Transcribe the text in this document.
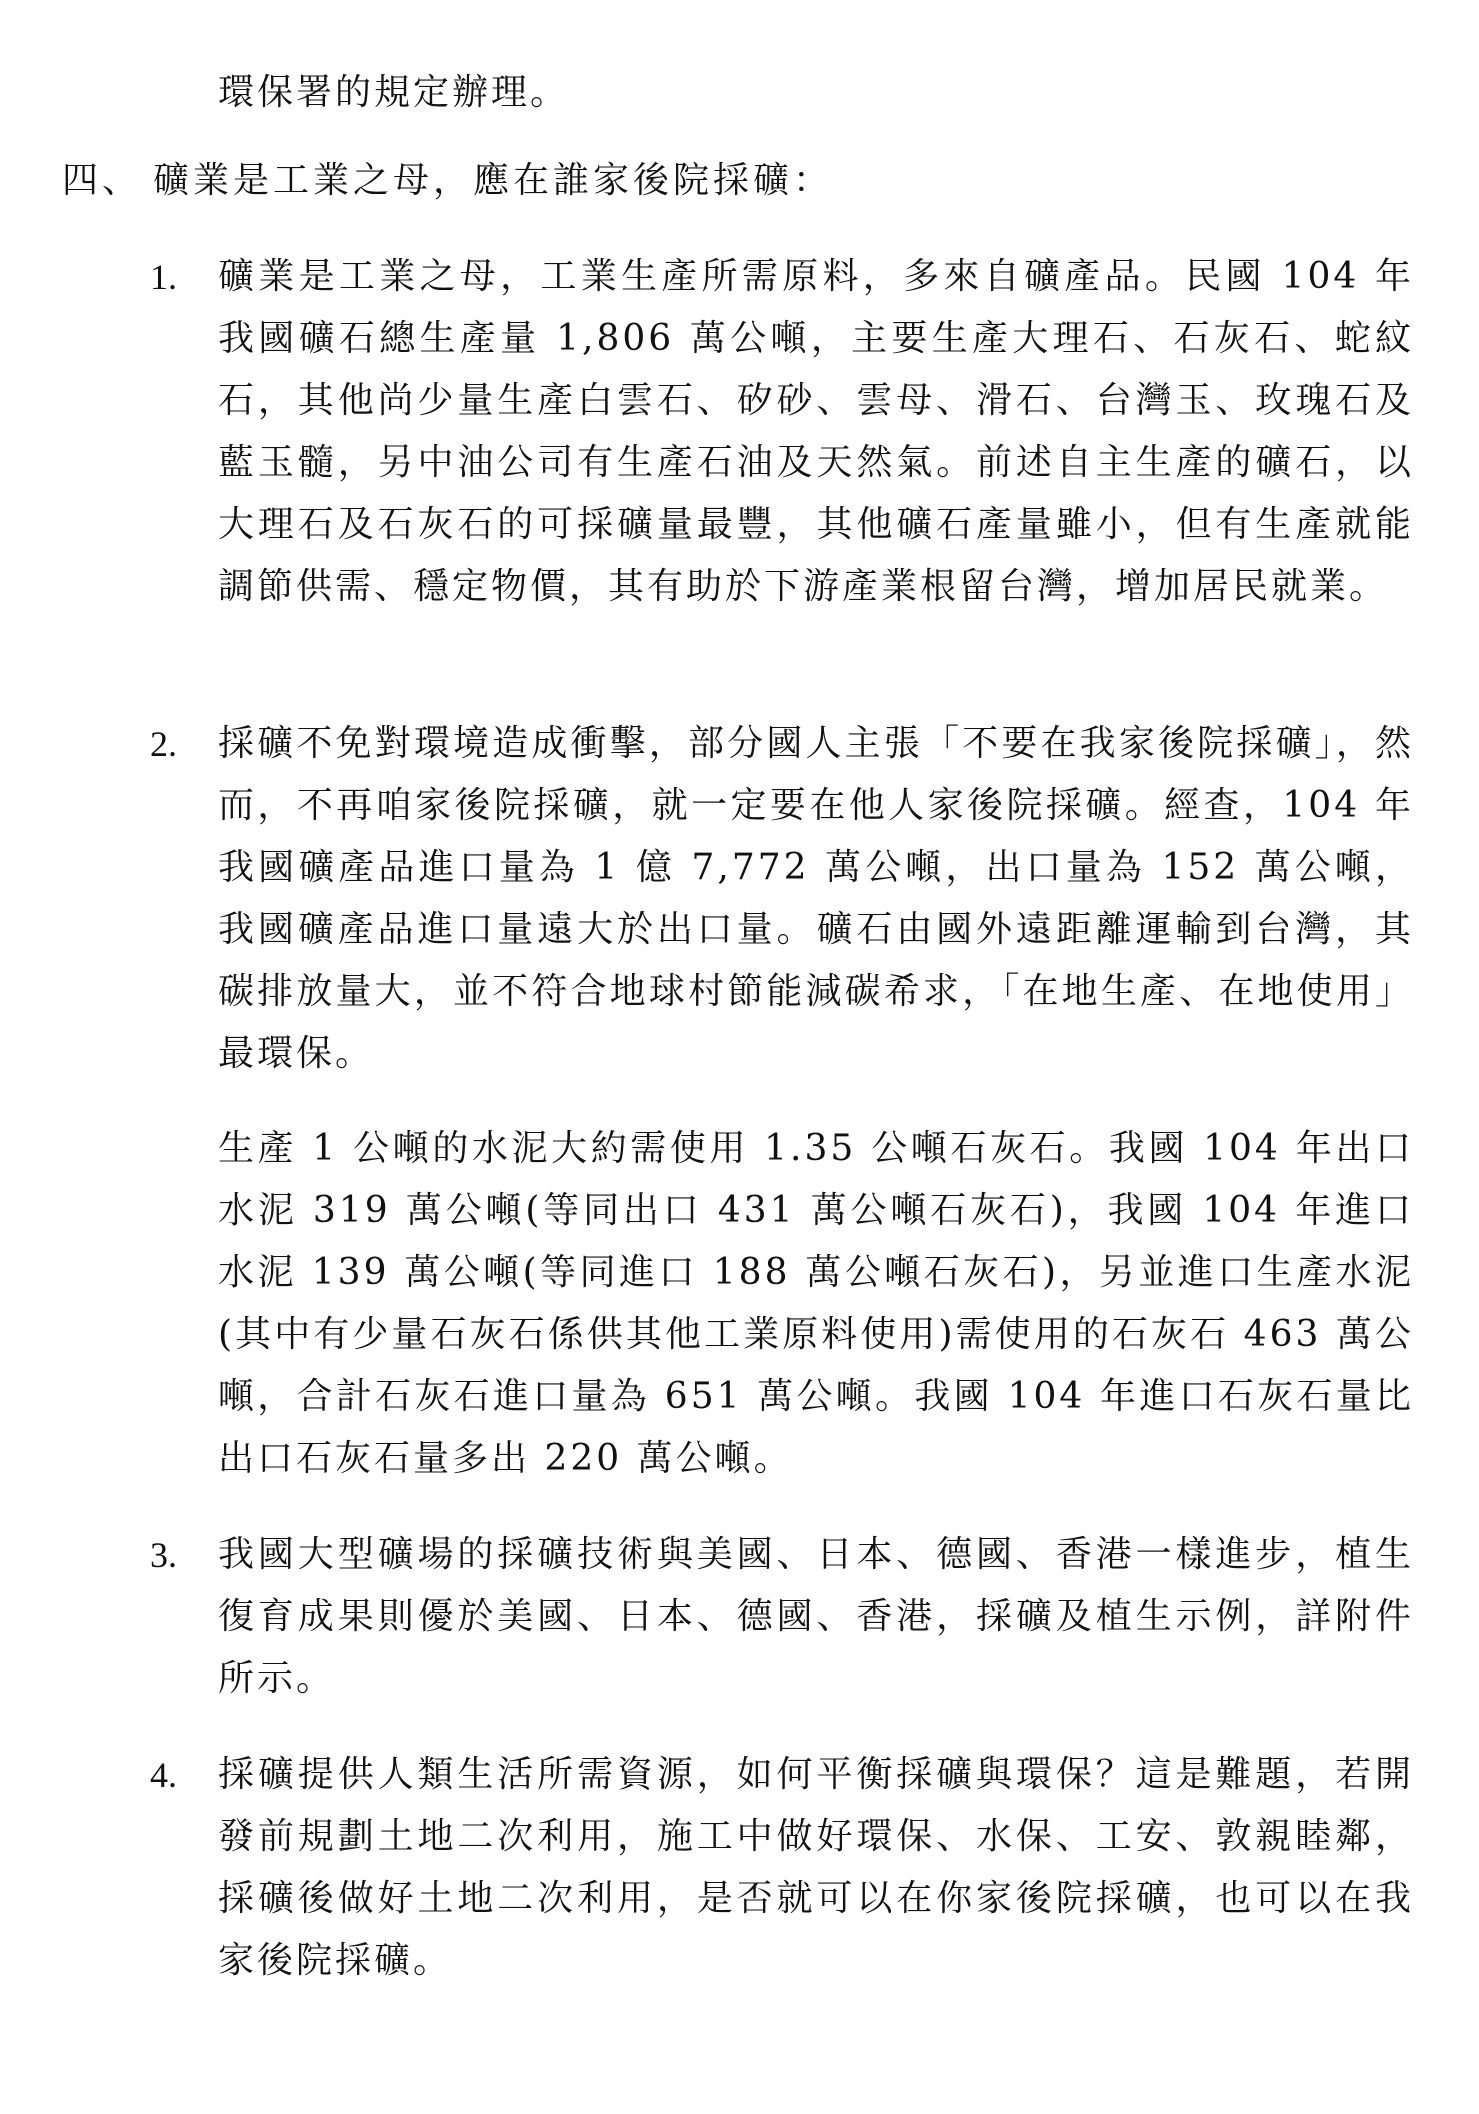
環保署的規定辦理。
四、 礦業是工業之母，應在誰家後院採礦：
1. 礦業是工業之母，工業生產所需原料，多來自礦產品。民國 104 年我國礦石總生產量 1,806 萬公噸，主要生產大理石、石灰石、蛇紋石，其他尚少量生產白雲石、矽砂、雲母、滑石、台灣玉、玫瑰石及藍玉髓，另中油公司有生產石油及天然氣。前述自主生產的礦石，以大理石及石灰石的可採礦量最豐，其他礦石產量雖小，但有生產就能調節供需、穩定物價，其有助於下游產業根留台灣，增加居民就業。
2. 採礦不免對環境造成衝擊，部分國人主張「不要在我家後院採礦」，然而，不再咱家後院採礦，就一定要在他人家後院採礦。經查，104 年我國礦產品進口量為 1 億 7,772 萬公噸，出口量為 152 萬公噸，我國礦產品進口量遠大於出口量。礦石由國外遠距離運輸到台灣，其碳排放量大，並不符合地球村節能減碳希求，「在地生產、在地使用」最環保。
生產 1 公噸的水泥大約需使用 1.35 公噸石灰石。我國 104 年出口水泥 319 萬公噸(等同出口 431 萬公噸石灰石)，我國 104 年進口水泥 139 萬公噸(等同進口 188 萬公噸石灰石)，另並進口生產水泥(其中有少量石灰石係供其他工業原料使用)需使用的石灰石 463 萬公噸，合計石灰石進口量為 651 萬公噸。我國 104 年進口石灰石量比出口石灰石量多出 220 萬公噸。
3. 我國大型礦場的採礦技術與美國、日本、德國、香港一樣進步，植生復育成果則優於美國、日本、德國、香港，採礦及植生示例，詳附件所示。
4. 採礦提供人類生活所需資源，如何平衡採礦與環保？這是難題，若開發前規劃土地二次利用，施工中做好環保、水保、工安、敦親睦鄰，採礦後做好土地二次利用，是否就可以在你家後院採礦，也可以在我家後院採礦。
